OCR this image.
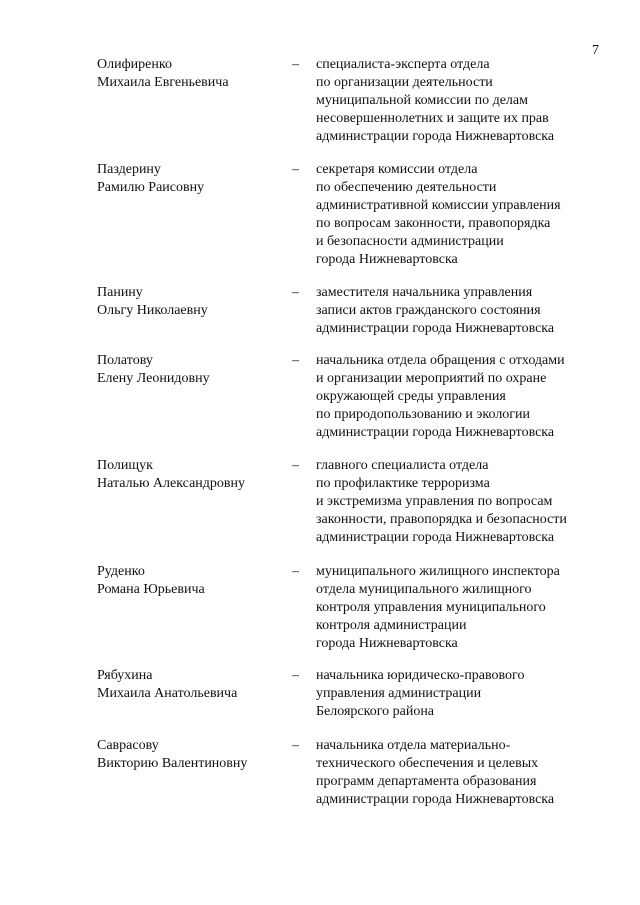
7
Олифиренко
Михаила Евгеньевича
– специалиста-эксперта отдела
по организации деятельности
муниципальной комиссии по делам
несовершеннолетних и защите их прав
администрации города Нижневартовска
Паздерину
Рамилю Раисовну
– секретаря комиссии отдела
по обеспечению деятельности
административной комиссии управления
по вопросам законности, правопорядка
и безопасности администрации
города Нижневартовска
Панину
Ольгу Николаевну
– заместителя начальника управления
записи актов гражданского состояния
администрации города Нижневартовска
Полатову
Елену Леонидовну
– начальника отдела обращения с отходами
и организации мероприятий по охране
окружающей среды управления
по природопользованию и экологии
администрации города Нижневартовска
Полищук
Наталью Александровну
– главного специалиста отдела
по профилактике терроризма
и экстремизма управления по вопросам
законности, правопорядка и безопасности
администрации города Нижневартовска
Руденко
Романа Юрьевича
– муниципального жилищного инспектора
отдела муниципального жилищного
контроля управления муниципального
контроля администрации
города Нижневартовска
Рябухина
Михаила Анатольевича
– начальника юридическо-правового
управления администрации
Белоярского района
Саврасову
Викторию Валентиновну
– начальника отдела материально-
технического обеспечения и целевых
программ департамента образования
администрации города Нижневартовска
